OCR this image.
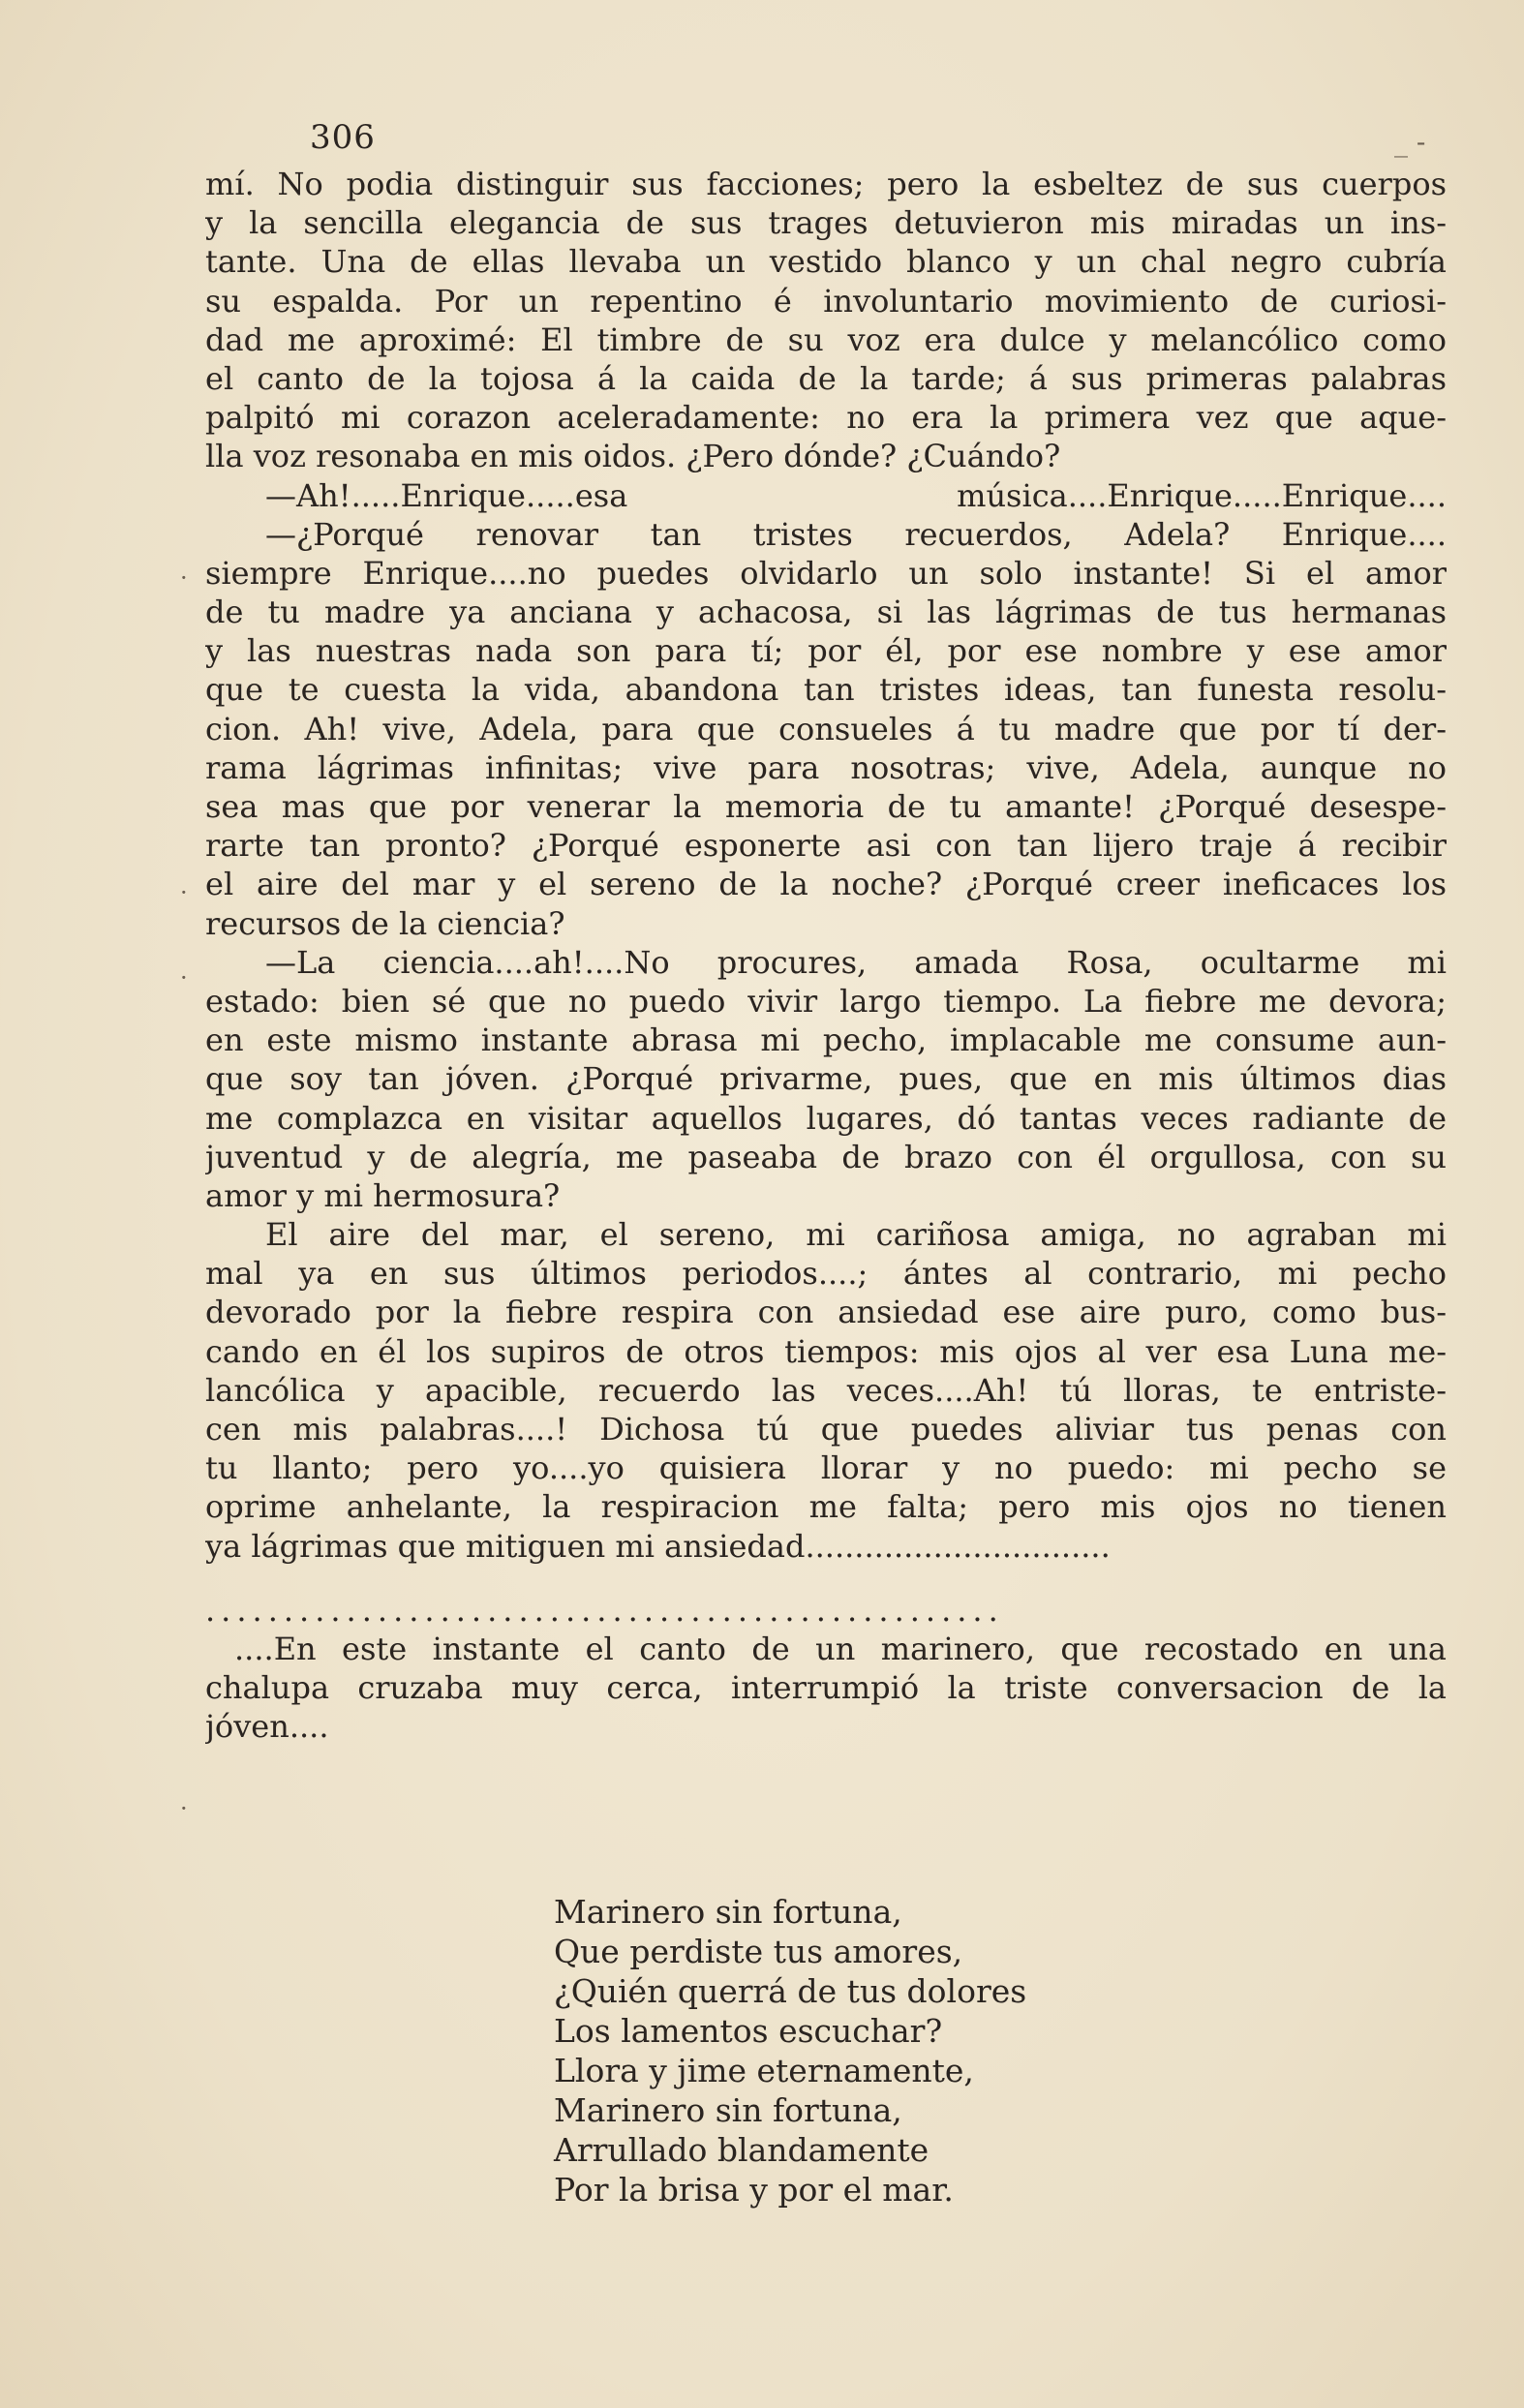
306	_ -
mí. No podia distinguir sus facciones; pero la esbeltez de sus cuerpos
y la sencilla elegancia de sus trages detuvieron mis miradas un ins-
tante. Una de ellas llevaba un vestido blanco y un chal negro cubría
su espalda. Por un repentino é involuntario movimiento de curiosi-
dad me aproximé: El timbre de su voz era dulce y melancólico como
el canto de la tojosa á la caida de la tarde; á sus primeras palabras
palpitó mi corazon aceleradamente: no era la primera vez que aque-
lla voz resonaba en mis oidos. ¿Pero dónde? ¿Cuándo?
—Ah!.....Enrique.....esa música....Enrique.....Enrique....
—¿Porqué renovar tan tristes recuerdos, Adela? Enrique....
siempre Enrique....no puedes olvidarlo un solo instante! Si el amor
de tu madre ya anciana y achacosa, si las lágrimas de tus hermanas
y las nuestras nada son para tí; por él, por ese nombre y ese amor
que te cuesta la vida, abandona tan tristes ideas, tan funesta resolu-
cion. Ah! vive, Adela, para que consueles á tu madre que por tí der-
rama lágrimas infinitas; vive para nosotras; vive, Adela, aunque no
sea mas que por venerar la memoria de tu amante! ¿Porqué desespe-
rarte tan pronto? ¿Porqué esponerte asi con tan lijero traje á recibir
el aire del mar y el sereno de la noche? ¿Porqué creer ineficaces los
recursos de la ciencia?
—La ciencia....ah!....No procures, amada Rosa, ocultarme mi
estado: bien sé que no puedo vivir largo tiempo. La fiebre me devora;
en este mismo instante abrasa mi pecho, implacable me consume aun-
que soy tan jóven. ¿Porqué privarme, pues, que en mis últimos dias
me complazca en visitar aquellos lugares, dó tantas veces radiante de
juventud y de alegría, me paseaba de brazo con él orgullosa, con su
amor y mi hermosura?
El aire del mar, el sereno, mi cariñosa amiga, no agraban mi
mal ya en sus últimos periodos....; ántes al contrario, mi pecho
devorado por la fiebre respira con ansiedad ese aire puro, como bus-
cando en él los supiros de otros tiempos: mis ojos al ver esa Luna me-
lancólica y apacible, recuerdo las veces....Ah! tú lloras, te entriste-
cen mis palabras....! Dichosa tú que puedes aliviar tus penas con
tu llanto; pero yo....yo quisiera llorar y no puedo: mi pecho se
oprime anhelante, la respiracion me falta; pero mis ojos no tienen
ya lágrimas que mitiguen mi ansiedad...............................
...................................................
....En este instante el canto de un marinero, que recostado en una
chalupa cruzaba muy cerca, interrumpió la triste conversacion de la
jóven....
Marinero sin fortuna,
Que perdiste tus amores,
¿Quién querrá de tus dolores
Los lamentos escuchar?
Llora y jime eternamente,
Marinero sin fortuna,
Arrullado blandamente
Por la brisa y por el mar.
·
·
·
·
